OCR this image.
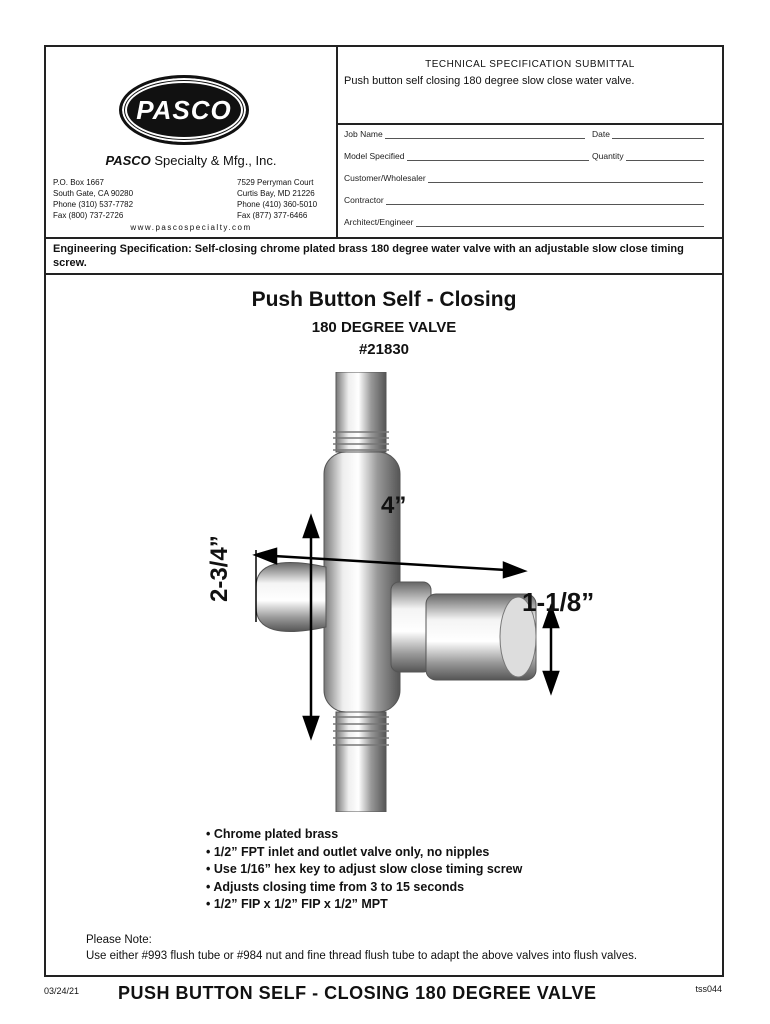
PASCO
PASCO Specialty & Mfg., Inc.
P.O. Box 1667
South Gate, CA 90280
Phone (310) 537-7782
Fax (800) 737-2726
7529 Perryman Court
Curtis Bay, MD 21226
Phone (410) 360-5010
Fax (877) 377-6466
www.pascospecialty.com
TECHNICAL SPECIFICATION SUBMITTAL
Push button self closing 180 degree slow close water valve.
Job Name	Date
Model Specified	Quantity
Customer/Wholesaler
Contractor
Architect/Engineer
Engineering Specification: Self-closing chrome plated brass 180 degree water valve with an adjustable slow close timing screw.
Push Button Self - Closing
180 DEGREE VALVE
#21830
4”
2-3/4”	1-1/8”
• Chrome plated brass
• 1/2” FPT inlet and outlet valve only, no nipples
• Use 1/16” hex key to adjust slow close timing screw
• Adjusts closing time from 3 to 15 seconds
• 1/2” FIP x 1/2” FIP x 1/2” MPT
Please Note:
Use either #993 flush tube or #984 nut and fine thread flush tube to adapt the above valves into flush valves.
03/24/21 PUSH BUTTON SELF - CLOSING 180 DEGREE VALVE	tss044
